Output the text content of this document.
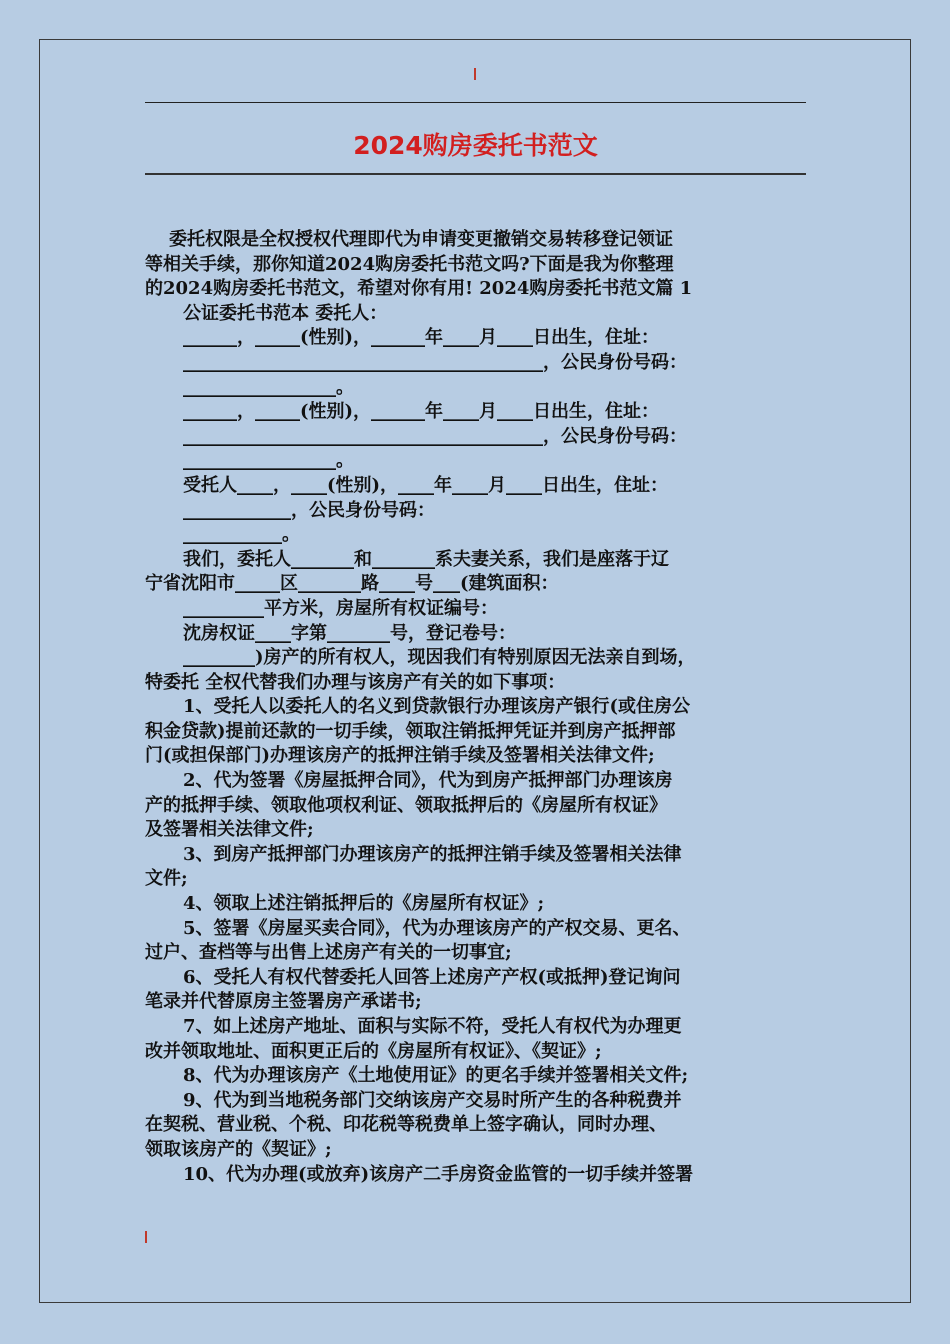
2024购房委托书范文
委托权限是全权授权代理即代为申请变更撤销交易转移登记领证
等相关手续，那你知道2024购房委托书范文吗?下面是我为你整理
的2024购房委托书范文，希望对你有用! 2024购房委托书范文篇 1
公证委托书范本 委托人：
______，_____(性别)，______年____月____日出生，住址：
________________________________________，公民身份号码：
_________________。
______，_____(性别)，______年____月____日出生，住址：
________________________________________，公民身份号码：
_________________。
受托人____，____(性别)，____年____月____日出生，住址：
____________，公民身份号码：
___________。
我们，委托人_______和_______系夫妻关系，我们是座落于辽
宁省沈阳市_____区_______路____号___(建筑面积：
_________平方米，房屋所有权证编号：
沈房权证____字第_______号，登记卷号：
________)房产的所有权人，现因我们有特别原因无法亲自到场，
特委托 全权代替我们办理与该房产有关的如下事项：
1、受托人以委托人的名义到贷款银行办理该房产银行(或住房公
积金贷款)提前还款的一切手续，领取注销抵押凭证并到房产抵押部
门(或担保部门)办理该房产的抵押注销手续及签署相关法律文件;
2、代为签署《房屋抵押合同》，代为到房产抵押部门办理该房
产的抵押手续、领取他项权利证、领取抵押后的《房屋所有权证》
及签署相关法律文件;
3、到房产抵押部门办理该房产的抵押注销手续及签署相关法律
文件;
4、领取上述注销抵押后的《房屋所有权证》;
5、签署《房屋买卖合同》，代为办理该房产的产权交易、更名、
过户、查档等与出售上述房产有关的一切事宜;
6、受托人有权代替委托人回答上述房产产权(或抵押)登记询问
笔录并代替原房主签署房产承诺书;
7、如上述房产地址、面积与实际不符，受托人有权代为办理更
改并领取地址、面积更正后的《房屋所有权证》、《契证》;
8、代为办理该房产《土地使用证》的更名手续并签署相关文件;
9、代为到当地税务部门交纳该房产交易时所产生的各种税费并
在契税、营业税、个税、印花税等税费单上签字确认，同时办理、
领取该房产的《契证》;
10、代为办理(或放弃)该房产二手房资金监管的一切手续并签署
